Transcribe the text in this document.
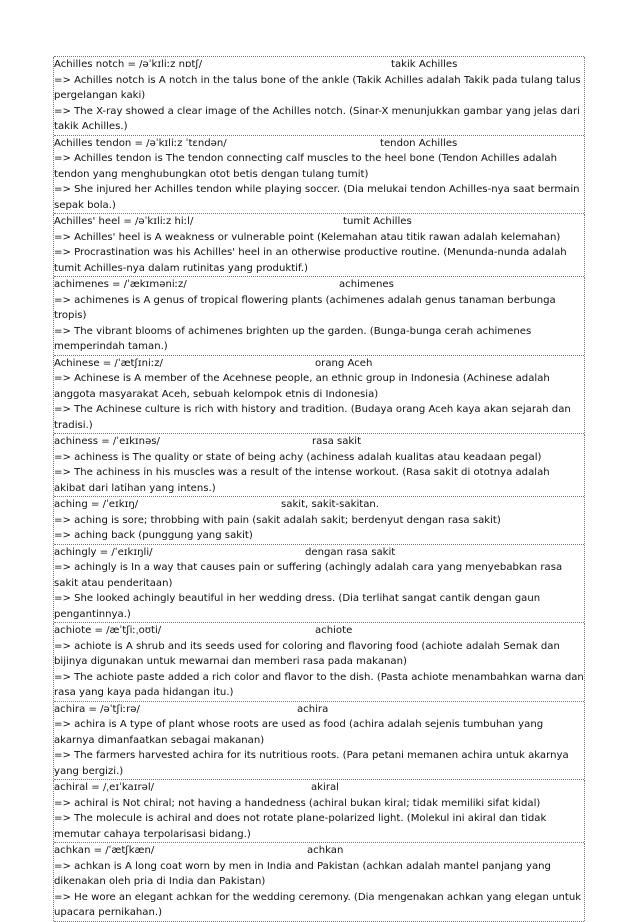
Achilles notch = /əˈkɪliːz nɒtʃ/	takik Achilles
=> Achilles notch is A notch in the talus bone of the ankle (Takik Achilles adalah Takik pada tulang talus pergelangan kaki)
=> The X-ray showed a clear image of the Achilles notch. (Sinar-X menunjukkan gambar yang jelas dari takik Achilles.)
Achilles tendon = /əˈkɪliːz ˈtɛndən/	tendon Achilles
=> Achilles tendon is The tendon connecting calf muscles to the heel bone (Tendon Achilles adalah tendon yang menghubungkan otot betis dengan tulang tumit)
=> She injured her Achilles tendon while playing soccer. (Dia melukai tendon Achilles-nya saat bermain sepak bola.)
Achilles' heel = /əˈkɪliːz hiːl/	tumit Achilles
=> Achilles' heel is A weakness or vulnerable point (Kelemahan atau titik rawan adalah kelemahan)
=> Procrastination was his Achilles' heel in an otherwise productive routine. (Menunda-nunda adalah tumit Achilles-nya dalam rutinitas yang produktif.)
achimenes = /ˈækɪməniːz/	achimenes
=> achimenes is A genus of tropical flowering plants (achimenes adalah genus tanaman berbunga tropis)
=> The vibrant blooms of achimenes brighten up the garden. (Bunga-bunga cerah achimenes memperindah taman.)
Achinese = /ˈætʃɪniːz/	orang Aceh
=> Achinese is A member of the Acehnese people, an ethnic group in Indonesia (Achinese adalah anggota masyarakat Aceh, sebuah kelompok etnis di Indonesia)
=> The Achinese culture is rich with history and tradition. (Budaya orang Aceh kaya akan sejarah dan tradisi.)
achiness = /ˈeɪkɪnəs/	rasa sakit
=> achiness is The quality or state of being achy (achiness adalah kualitas atau keadaan pegal)
=> The achiness in his muscles was a result of the intense workout. (Rasa sakit di ototnya adalah akibat dari latihan yang intens.)
aching = /ˈeɪkɪŋ/	sakit, sakit-sakitan.
=> aching is sore; throbbing with pain (sakit adalah sakit; berdenyut dengan rasa sakit)
=> aching back (punggung yang sakit)
achingly = /ˈeɪkɪŋli/	dengan rasa sakit
=> achingly is In a way that causes pain or suffering (achingly adalah cara yang menyebabkan rasa sakit atau penderitaan)
=> She looked achingly beautiful in her wedding dress. (Dia terlihat sangat cantik dengan gaun pengantinnya.)
achiote = /æˈtʃiːˌoʊti/	achiote
=> achiote is A shrub and its seeds used for coloring and flavoring food (achiote adalah Semak dan bijinya digunakan untuk mewarnai dan memberi rasa pada makanan)
=> The achiote paste added a rich color and flavor to the dish. (Pasta achiote menambahkan warna dan rasa yang kaya pada hidangan itu.)
achira = /əˈtʃiːrə/	achira
=> achira is A type of plant whose roots are used as food (achira adalah sejenis tumbuhan yang akarnya dimanfaatkan sebagai makanan)
=> The farmers harvested achira for its nutritious roots. (Para petani memanen achira untuk akarnya yang bergizi.)
achiral = /ˌeɪˈkaɪrəl/	akiral
=> achiral is Not chiral; not having a handedness (achiral bukan kiral; tidak memiliki sifat kidal)
=> The molecule is achiral and does not rotate plane-polarized light. (Molekul ini akiral dan tidak memutar cahaya terpolarisasi bidang.)
achkan = /ˈætʃkæn/	achkan
=> achkan is A long coat worn by men in India and Pakistan (achkan adalah mantel panjang yang dikenakan oleh pria di India dan Pakistan)
=> He wore an elegant achkan for the wedding ceremony. (Dia mengenakan achkan yang elegan untuk upacara pernikahan.)
